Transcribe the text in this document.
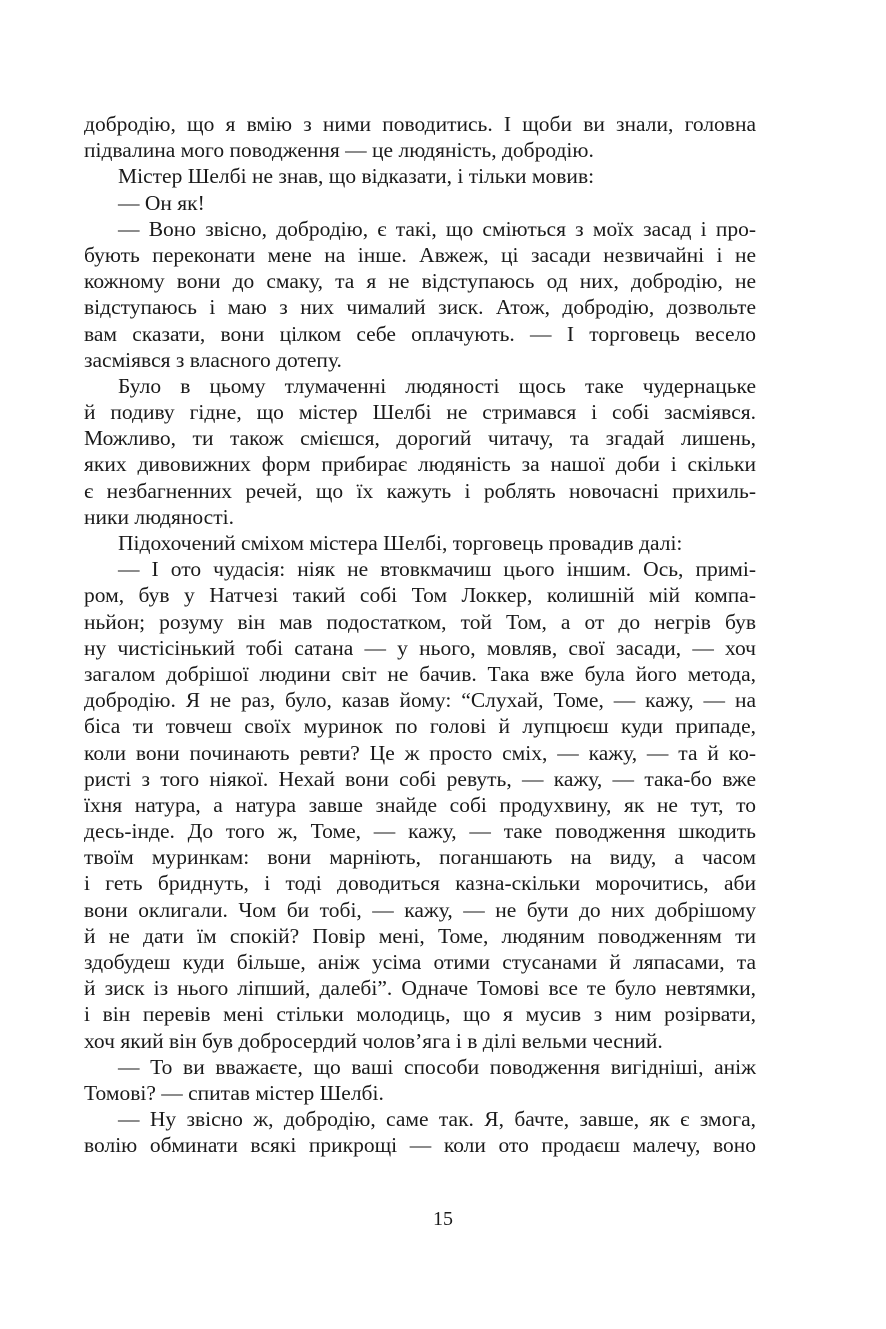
добродію, що я вмію з ними поводитись. І щоби ви знали, головна
підвалина мого поводження — це людяність, добродію.
Містер Шелбі не знав, що відказати, і тільки мовив:
— Он як!
— Воно звісно, добродію, є такі, що сміються з моїх засад і про-
бують переконати мене на інше. Авжеж, ці засади незвичайні і не
кожному вони до смаку, та я не відступаюсь од них, добродію, не
відступаюсь і маю з них чималий зиск. Атож, добродію, дозвольте
вам сказати, вони цілком себе оплачують. — І торговець весело
засміявся з власного дотепу.
Було в цьому тлумаченні людяності щось таке чудернацьке
й подиву гідне, що містер Шелбі не стримався і собі засміявся.
Можливо, ти також смієшся, дорогий читачу, та згадай лишень,
яких дивовижних форм прибирає людяність за нашої доби і скільки
є незбагненних речей, що їх кажуть і роблять новочасні прихиль-
ники людяності.
Підохочений сміхом містера Шелбі, торговець провадив далі:
— І ото чудасія: ніяк не втовкмачиш цього іншим. Ось, примі-
ром, був у Натчезі такий собі Том Локкер, колишній мій компа-
ньйон; розуму він мав подостатком, той Том, а от до негрів був
ну чистісінький тобі сатана — у нього, мовляв, свої засади, — хоч
загалом добрішої людини світ не бачив. Така вже була його метода,
добродію. Я не раз, було, казав йому: “Слухай, Томе, — кажу, — на
біса ти товчеш своїх муринок по голові й лупцюєш куди припаде,
коли вони починають ревти? Це ж просто сміх, — кажу, — та й ко-
ристі з того ніякої. Нехай вони собі ревуть, — кажу, — така-бо вже
їхня натура, а натура завше знайде собі продухвину, як не тут, то
десь-інде. До того ж, Томе, — кажу, — таке поводження шкодить
твоїм муринкам: вони марніють, поганшають на виду, а часом
і геть бриднуть, і тоді доводиться казна-скільки морочитись, аби
вони оклигали. Чом би тобі, — кажу, — не бути до них добрішому
й не дати їм спокій? Повір мені, Томе, людяним поводженням ти
здобудеш куди більше, аніж усіма отими стусанами й ляпасами, та
й зиск із нього ліпший, далебі”. Одначе Томові все те було невтямки,
і він перевів мені стільки молодиць, що я мусив з ним розірвати,
хоч який він був добросердий чолов’яга і в ділі вельми чесний.
— То ви вважаєте, що ваші способи поводження вигідніші, аніж
Томові? — спитав містер Шелбі.
— Ну звісно ж, добродію, саме так. Я, бачте, завше, як є змога,
волію обминати всякі прикрощі — коли ото продаєш малечу, воно
15
